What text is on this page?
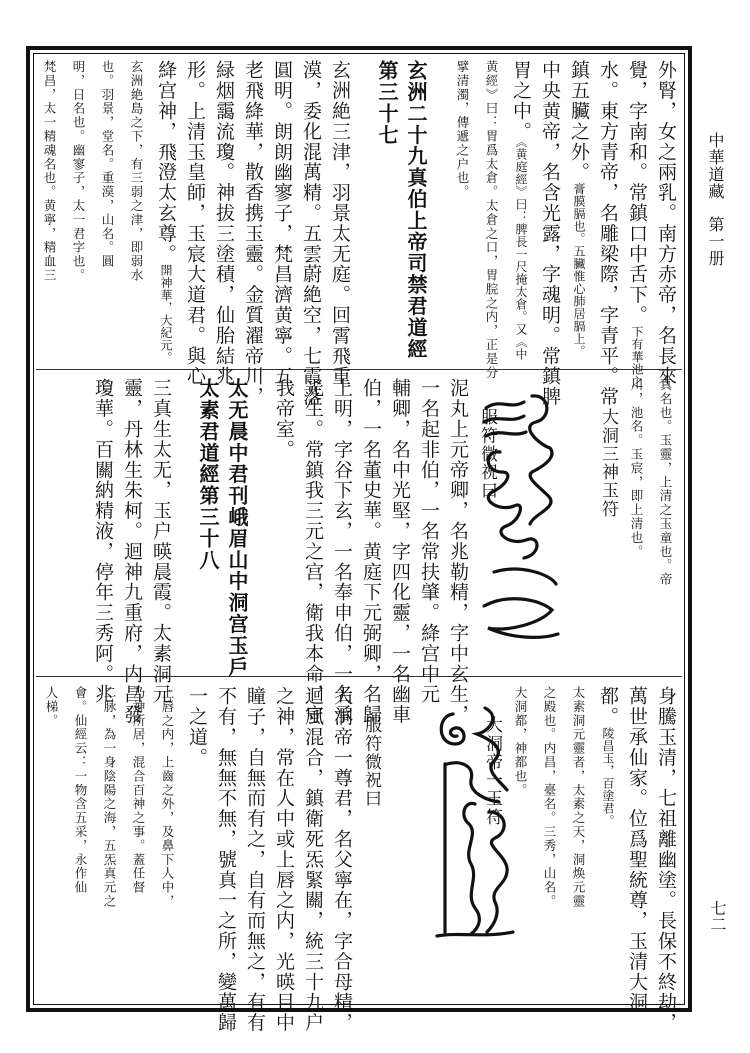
中華道藏 第一册
七二
外腎，女之兩乳。南方赤帝，名長來
覺，字南和。常鎮口中舌下。下有華池之
水。東方青帝，名雕梁際，字青平。常
鎮五臟之外。膏膜膈也。五臟惟心肺居膈上。
中央黄帝，名含光露，字魂明。常鎮脾
胃之中。《黄庭經》曰：脾長一尺掩太倉。又《中
黄經》曰：胃爲太倉。太倉之口，胃脘之内，正是分
擘清濁，傳遞之户也。
玄洲二十九真伯上帝司禁君道經
第三十七
玄洲絶三津，羽景太无庭。回霄飛重
漠，委化混萬精。五雲蔚絶空，七霞落
圓明。朗朗幽寥子，梵昌濟黄寧。五
老飛絳華，散香携玉靈。金質濯帝川，
緑烟靄流瓊。神拔三塗積，仙胎結兆
形。上清玉皇師，玉宸大道君。與心
絳宫神，飛澄太玄尊。開神華，大紀元。
玄洲絶島之下，有三弱之津，即弱水
也。羽景，堂名。重漠，山名。圓
明，日名也。幽寥子，太一君字也。
梵昌，太一精魂名也。黄寧，精血三
真名也。玉靈，上清之玉童也。帝
川，池名。玉宸，即上清也。
大洞三神玉符
服符微祝曰
泥丸上元帝卿，名兆勒精，字中玄生，
一名起非伯，一名常扶肇。絳宫中元
輔卿，名中光堅，字四化靈，一名幽車
伯，一名董史華。黄庭下元弼卿，名歸
上明，字谷下玄，一名奉申伯，一名承
光生。常鎮我三元之宫，衛我本命，守
我帝室。
太无晨中君刊峨眉山中洞宫玉戶
太素君道經第三十八
三真生太无，玉户暎晨霞。太素洞元
靈，丹林生朱柯。迴神九重府，内昌發
瓊華。百關納精液，停年三秀阿。兆
身騰玉清，七祖離幽塗。長保不終劫，
萬世承仙家。位爲聖統尊，玉清大洞
都。陵昌玉，百塗君。
太素洞元靈者，太素之天，洞焕元靈
之殿也。内昌，臺名。三秀，山名。
大洞都，神都也。
大洞帝一玉符
服符微祝曰
大洞帝一尊君，名父寧在，字合母精，
迴風混合，鎮衛死炁緊關，統三十九户
之神，常在人中或上唇之内，光暎目中
瞳子，自無而有之，自有而無之，有有
不有，無無不無，號真一之所，變萬歸
一之道。
上唇之内，上齒之外，及鼻下人中，
乃神所居，混合百神之事。蓋任督
二脉，為一身陰陽之海，五炁真元之
會。仙經云：一物含五采，永作仙
人梯。
